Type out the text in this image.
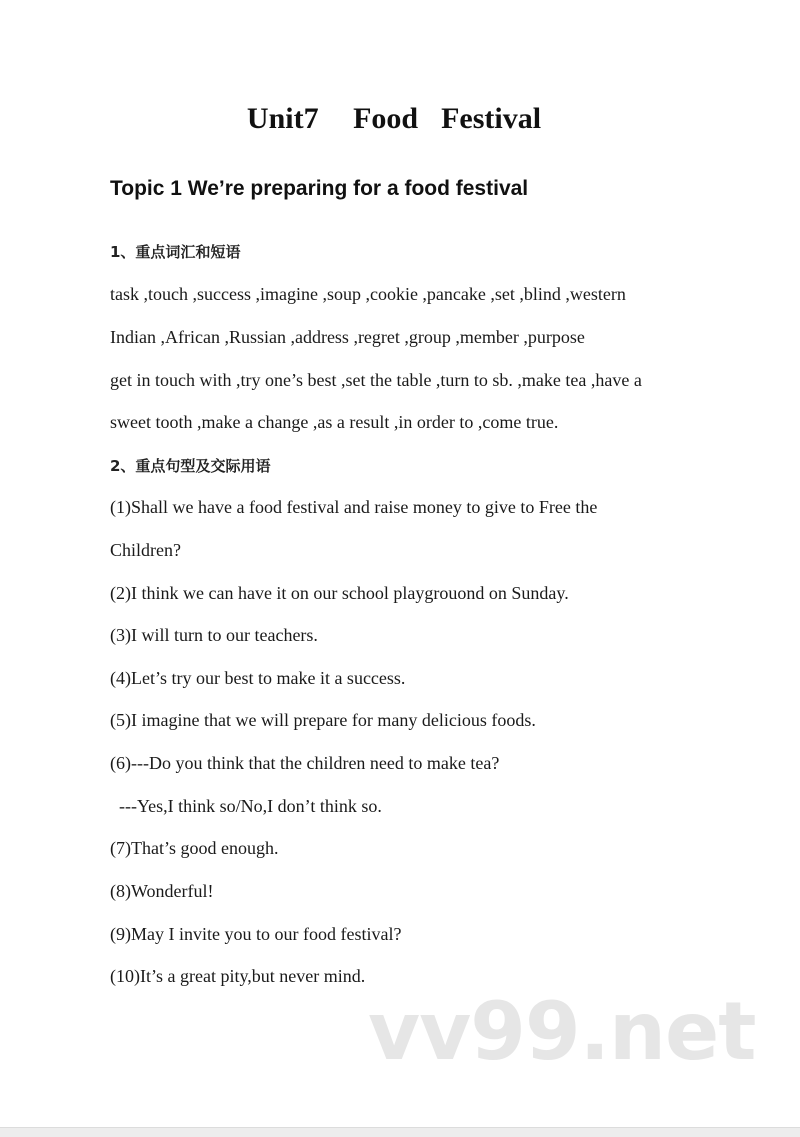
Unit7   Food  Festival
Topic 1 We’re preparing for a food festival
1、重点词汇和短语
task ,touch ,success ,imagine ,soup ,cookie ,pancake ,set ,blind ,western
Indian ,African ,Russian ,address ,regret ,group ,member ,purpose
get in touch with ,try one’s best ,set the table ,turn to sb. ,make tea ,have a
sweet tooth ,make a change ,as a result ,in order to ,come true.
2、重点句型及交际用语
(1)Shall we have a food festival and raise money to give to Free the
Children?
(2)I think we can have it on our school playgrouond on Sunday.
(3)I will turn to our teachers.
(4)Let’s try our best to make it a success.
(5)I imagine that we will prepare for many delicious foods.
(6)---Do you think that the children need to make tea?
---Yes,I think so/No,I don’t think so.
(7)That’s good enough.
(8)Wonderful!
(9)May I invite you to our food festival?
(10)It’s a great pity,but never mind.
vv99.net
